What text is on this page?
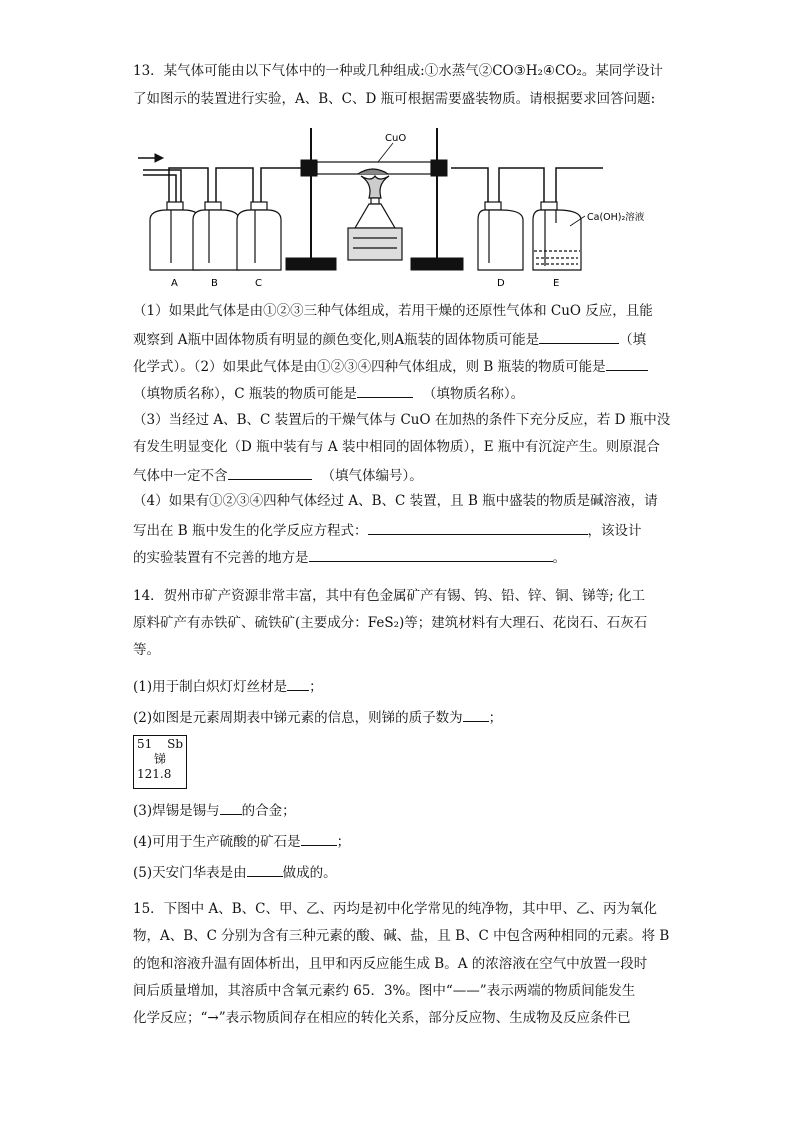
13．某气体可能由以下气体中的一种或几种组成:①水蒸气②CO③H₂④CO₂。某同学设计
了如图示的装置进行实验，A、B、C、D 瓶可根据需要盛装物质。请根据要求回答问题:
CuO
Ca(OH)₂溶液
A	B	C	D	E
（1）如果此气体是由①②③三种气体组成，若用干燥的还原性气体和 CuO 反应，且能
观察到 A瓶中固体物质有明显的颜色变化,则A瓶装的固体物质可能是	（填
化学式）。（2）如果此气体是由①②③④四种气体组成，则 B 瓶装的物质可能是
（填物质名称），C 瓶装的物质可能是	（填物质名称）。
（3）当经过 A、B、C 装置后的干燥气体与 CuO 在加热的条件下充分反应，若 D 瓶中没
有发生明显变化（D 瓶中装有与 A 装中相同的固体物质），E 瓶中有沉淀产生。则原混合
气体中一定不含	（填气体编号）。
（4）如果有①②③④四种气体经过 A、B、C 装置，且 B 瓶中盛装的物质是碱溶液，请
写出在 B 瓶中发生的化学反应方程式：	，该设计
的实验装置有不完善的地方是	。
14．贺州市矿产资源非常丰富，其中有色金属矿产有锡、钨、铅、锌、铜、锑等; 化工
原料矿产有赤铁矿、硫铁矿(主要成分：FeS₂)等；建筑材料有大理石、花岗石、石灰石
等。
(1)用于制白炽灯灯丝材是 ；
(2)如图是元素周期表中锑元素的信息，则锑的质子数为 ；
51 Sb
锑
121.8
(3)焊锡是锡与 的合金；
(4)可用于生产硫酸的矿石是	；
(5)天安门华表是由	做成的。
15．下图中 A、B、C、甲、乙、丙均是初中化学常见的纯净物，其中甲、乙、丙为氧化
物，A、B、C 分别为含有三种元素的酸、碱、盐，且 B、C 中包含两种相同的元素。将 B
的饱和溶液升温有固体析出，且甲和丙反应能生成 B。A 的浓溶液在空气中放置一段时
间后质量增加，其溶质中含氧元素约 65．3%。图中“——”表示两端的物质间能发生
化学反应；“→”表示物质间存在相应的转化关系，部分反应物、生成物及反应条件已
